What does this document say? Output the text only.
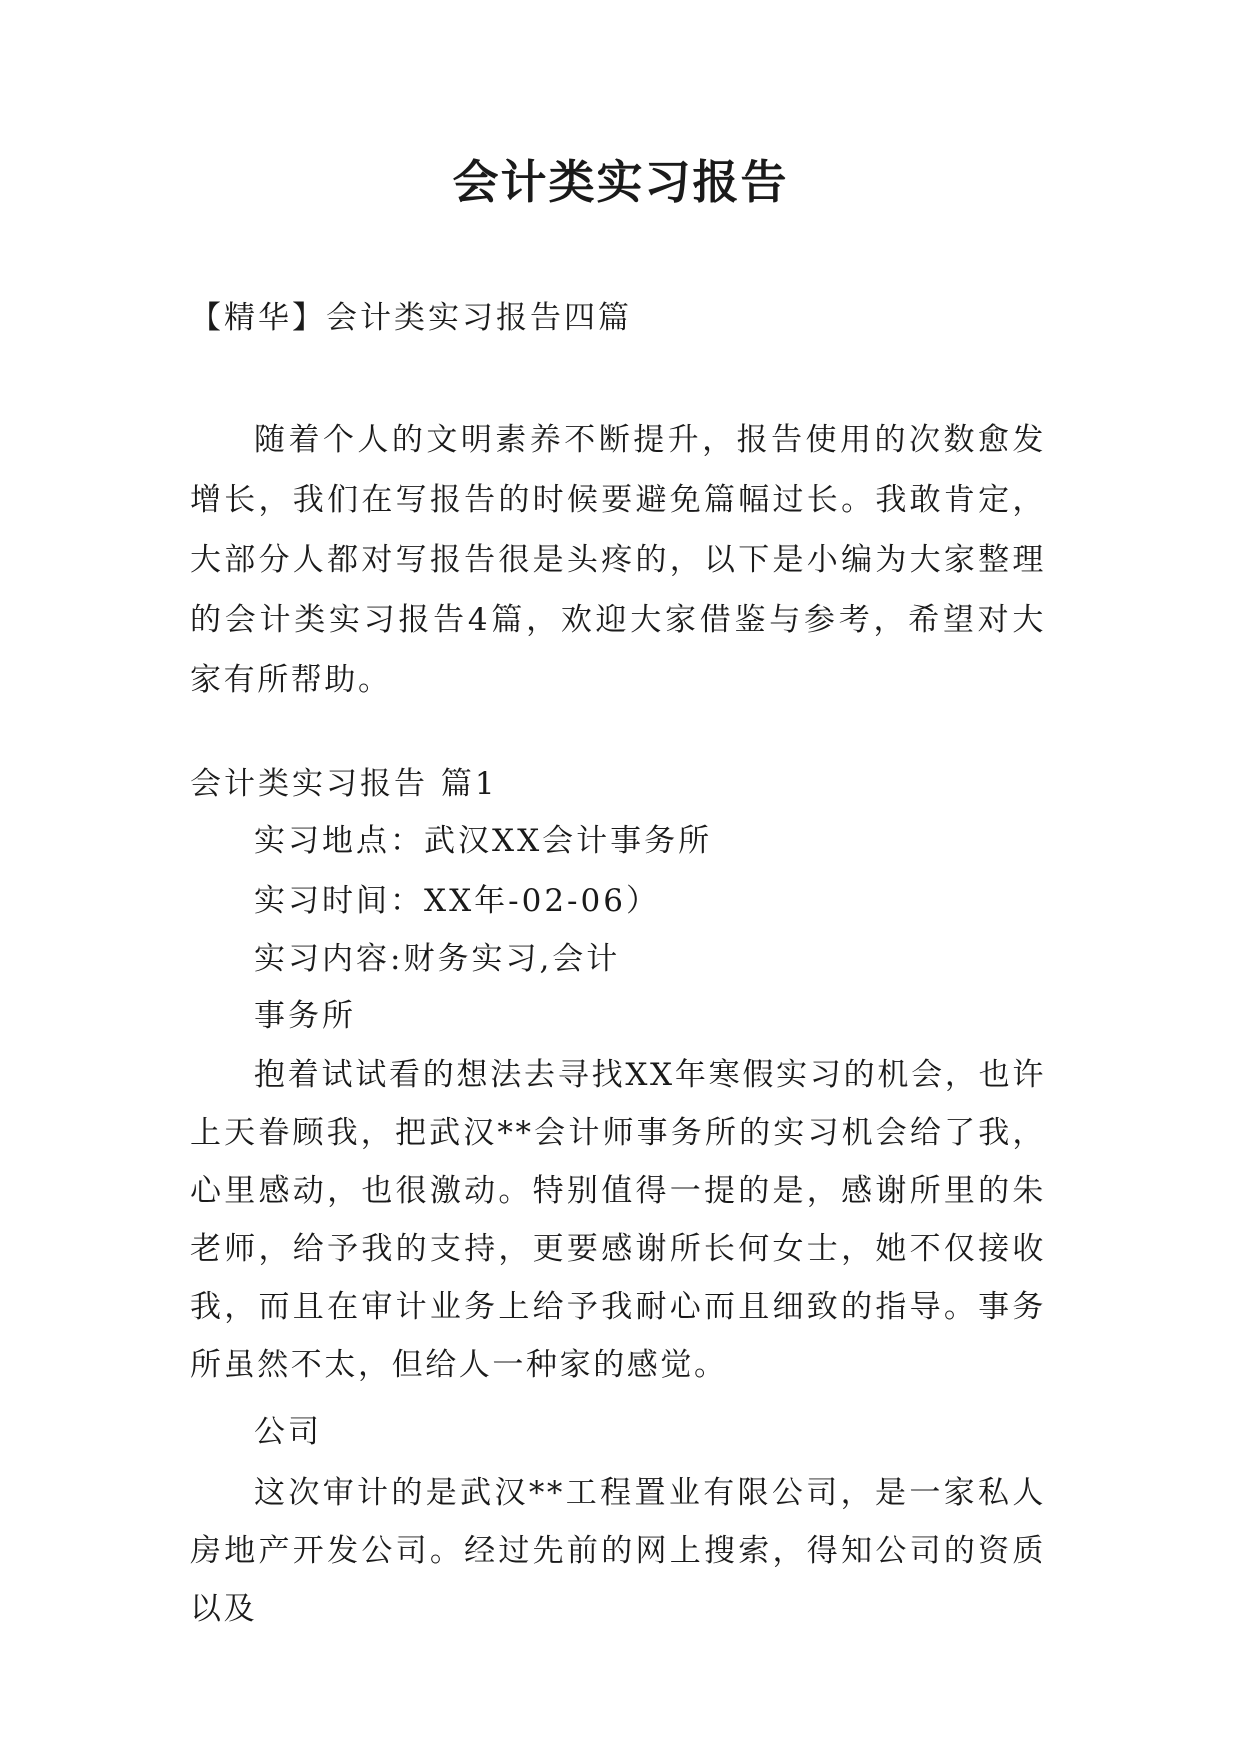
会计类实习报告

【精华】会计类实习报告四篇

随着个人的文明素养不断提升，报告使用的次数愈发增长，我们在写报告的时候要避免篇幅过长。我敢肯定，大部分人都对写报告很是头疼的，以下是小编为大家整理的会计类实习报告4篇，欢迎大家借鉴与参考，希望对大家有所帮助。

会计类实习报告 篇1

实习地点：武汉XX会计事务所

实习时间：XX年-02-06）

实习内容:财务实习,会计

事务所

抱着试试看的想法去寻找XX年寒假实习的机会，也许上天眷顾我，把武汉**会计师事务所的实习机会给了我，心里感动，也很激动。特别值得一提的是，感谢所里的朱老师，给予我的支持，更要感谢所长何女士，她不仅接收我，而且在审计业务上给予我耐心而且细致的指导。事务所虽然不太，但给人一种家的感觉。

公司

这次审计的是武汉**工程置业有限公司，是一家私人房地产开发公司。经过先前的网上搜索，得知公司的资质以及
